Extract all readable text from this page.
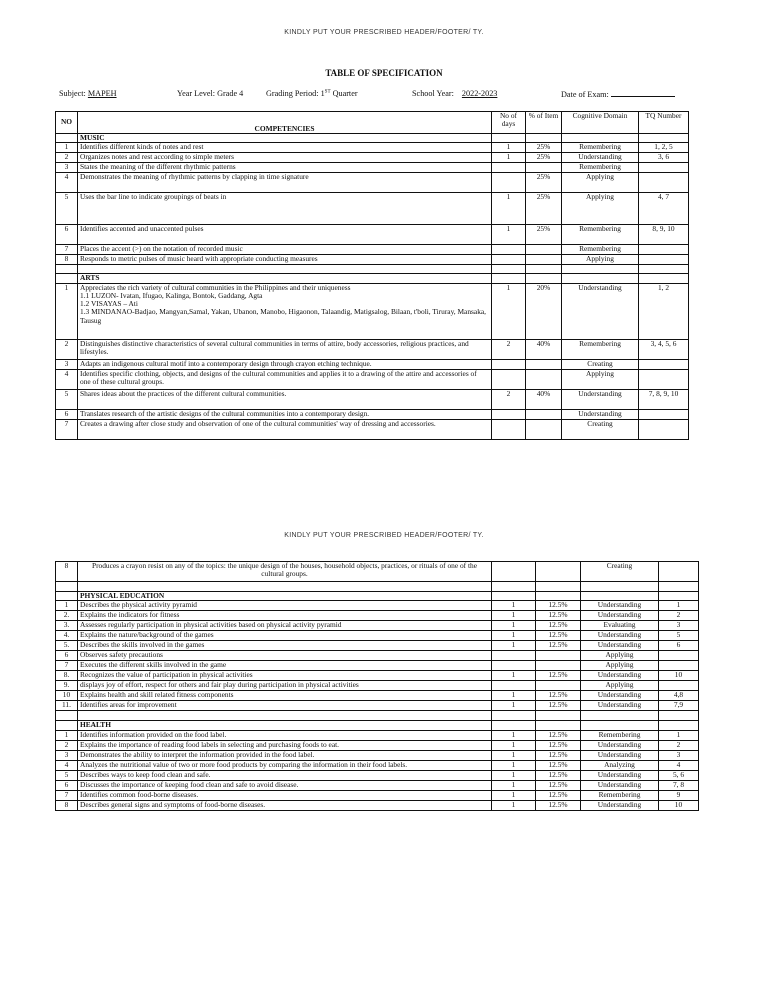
KINDLY PUT YOUR PRESCRIBED HEADER/FOOTER/ TY.
TABLE OF SPECIFICATION
Subject: MAPEH	Year Level: Grade 4	Grading Period: 1ST Quarter	School Year: 2022-2023	Date of Exam:
NO	COMPETENCIES	No of days	% of Item	Cognitive Domain	TQ Number
	MUSIC				
1	Identifies different kinds of notes and rest	1	25%	Remembering	1, 2, 5
2	Organizes notes and rest according to simple meters	1	25%	Understanding	3, 6
3	States the meaning of the different rhythmic patterns			Remembering	
4	Demonstrates the meaning of rhythmic patterns by clapping in time signature		25%	Applying	
5	Uses the bar line to indicate groupings of beats in	1	25%	Applying	4, 7
6	Identifies accented and unaccented pulses	1	25%	Remembering	8, 9, 10
7	Places the accent (>) on the notation of recorded music			Remembering	
8	Responds to metric pulses of music heard with appropriate conducting measures			Applying	

	ARTS				
1	Appreciates the rich variety of cultural communities in the Philippines and their uniqueness
1.1 LUZON- Ivatan, Ifugao, Kalinga, Bontok, Gaddang, Agta
1.2 VISAYAS – Ati
1.3 MINDANAO-Badjao, Mangyan,Samal, Yakan, Ubanon, Manobo, Higaonon, Talaandig, Matigsalog, Bilaan, t'boli, Tiruray, Mansaka, Tausug	1	20%	Understanding	1, 2
2	Distinguishes distinctive characteristics of several cultural communities in terms of attire, body accessories, religious practices, and lifestyles.	2	40%	Remembering	3, 4, 5, 6
3	Adapts an indigenous cultural motif into a contemporary design through crayon etching technique.			Creating	
4	Identifies specific clothing, objects, and designs of the cultural communities and applies it to a drawing of the attire and accessories of one of these cultural groups.			Applying	
5	Shares ideas about the practices of the different cultural communities.	2	40%	Understanding	7, 8, 9, 10
6	Translates research of the artistic designs of the cultural communities into a contemporary design.			Understanding	
7	Creates a drawing after close study and observation of one of the cultural communities' way of dressing and accessories.			Creating	
KINDLY PUT YOUR PRESCRIBED HEADER/FOOTER/ TY.
8	Produces a crayon resist on any of the topics: the unique design of the houses, household objects, practices, or rituals of one of the cultural groups.			Creating	

	PHYSICAL EDUCATION				
1	Describes the physical activity pyramid	1	12.5%	Understanding	1
2.	Explains the indicators for fitness	1	12.5%	Understanding	2
3.	Assesses regularly participation in physical activities based on physical activity pyramid	1	12.5%	Evaluating	3
4.	Explains the nature/background of the games	1	12.5%	Understanding	5
5.	Describes the skills involved in the games	1	12.5%	Understanding	6
6	Observes safety precautions			Applying	
7	Executes the different skills involved in the game			Applying	
8.	Recognizes the value of participation in physical activities	1	12.5%	Understanding	10
9.	displays joy of effort, respect for others and fair play during participation in physical activities			Applying	
10	Explains health and skill related fitness components	1	12.5%	Understanding	4,8
11.	Identifies areas for improvement	1	12.5%	Understanding	7,9

	HEALTH				
1	Identifies information provided on the food label.	1	12.5%	Remembering	1
2	Explains the importance of reading food labels in selecting and purchasing foods to eat.	1	12.5%	Understanding	2
3	Demonstrates the ability to interpret the information provided in the food label.	1	12.5%	Understanding	3
4	Analyzes the nutritional value of two or more food products by comparing the information in their food labels.	1	12.5%	Analyzing	4
5	Describes ways to keep food clean and safe.	1	12.5%	Understanding	5, 6
6	Discusses the importance of keeping food clean and safe to avoid disease.	1	12.5%	Understanding	7, 8
7	Identifies common food-borne diseases.	1	12.5%	Remembering	9
8	Describes general signs and symptoms of food-borne diseases.	1	12.5%	Understanding	10
